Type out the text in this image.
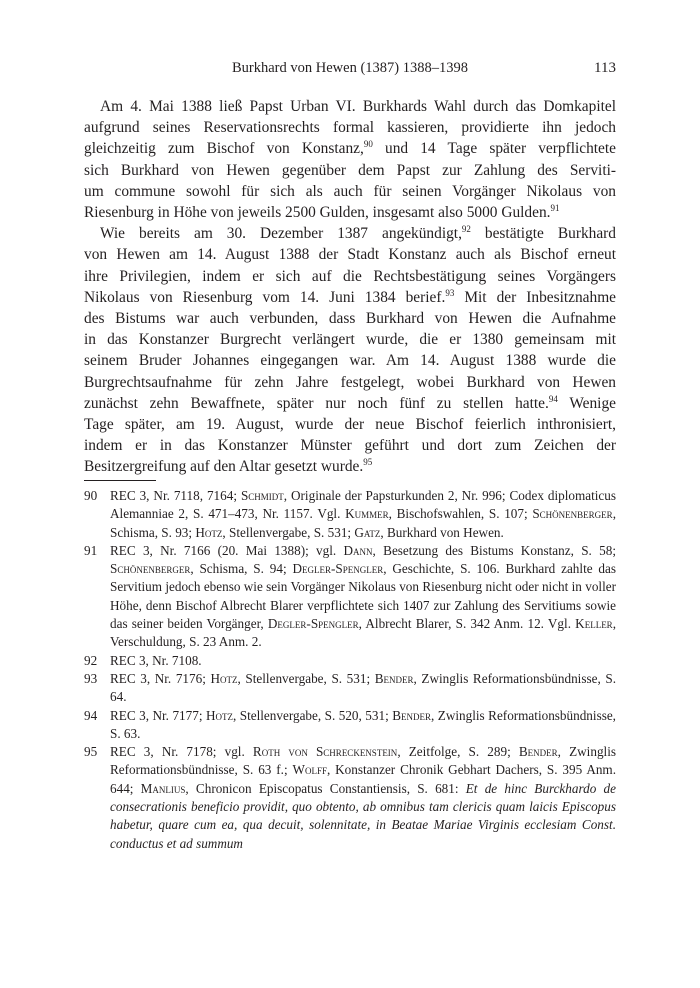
Burkhard von Hewen (1387) 1388–1398	113

Am 4. Mai 1388 ließ Papst Urban VI. Burkhards Wahl durch das Domkapitel
aufgrund seines Reservationsrechts formal kassieren, providierte ihn jedoch
gleichzeitig zum Bischof von Konstanz,$^{90}$ und 14 Tage später verpflichtete
sich Burkhard von Hewen gegenüber dem Papst zur Zahlung des Serviti-
um commune sowohl für sich als auch für seinen Vorgänger Nikolaus von
Riesenburg in Höhe von jeweils 2500 Gulden, insgesamt also 5000 Gulden.$^{91}$

Wie bereits am 30. Dezember 1387 angekündigt,$^{92}$ bestätigte Burkhard
von Hewen am 14. August 1388 der Stadt Konstanz auch als Bischof erneut
ihre Privilegien, indem er sich auf die Rechtsbestätigung seines Vorgängers
Nikolaus von Riesenburg vom 14. Juni 1384 berief.$^{93}$ Mit der Inbesitznahme
des Bistums war auch verbunden, dass Burkhard von Hewen die Aufnahme
in das Konstanzer Burgrecht verlängert wurde, die er 1380 gemeinsam mit
seinem Bruder Johannes eingegangen war. Am 14. August 1388 wurde die
Burgrechtsaufnahme für zehn Jahre festgelegt, wobei Burkhard von Hewen
zunächst zehn Bewaffnete, später nur noch fünf zu stellen hatte.$^{94}$ Wenige
Tage später, am 19. August, wurde der neue Bischof feierlich inthronisiert,
indem er in das Konstanzer Münster geführt und dort zum Zeichen der
Besitzergreifung auf den Altar gesetzt wurde.$^{95}$

90 REC 3, Nr. 7118, 7164; Schmidt, Originale der Papsturkunden 2, Nr. 996; Codex diplomaticus Alemanniae 2, S. 471–473, Nr. 1157. Vgl. Kummer, Bischofswahlen, S. 107; Schönenberger, Schisma, S. 93; Hotz, Stellenvergabe, S. 531; Gatz, Burkhard von Hewen.

91 REC 3, Nr. 7166 (20. Mai 1388); vgl. Dann, Besetzung des Bistums Konstanz, S. 58; Schönenberger, Schisma, S. 94; Degler-Spengler, Geschichte, S. 106. Burkhard zahlte das Servitium jedoch ebenso wie sein Vorgänger Nikolaus von Riesenburg nicht oder nicht in voller Höhe, denn Bischof Albrecht Blarer verpflichtete sich 1407 zur Zahlung des Servitiums sowie das seiner beiden Vorgänger, Degler-Spengler, Albrecht Blarer, S. 342 Anm. 12. Vgl. Keller, Verschuldung, S. 23 Anm. 2.

92 REC 3, Nr. 7108.

93 REC 3, Nr. 7176; Hotz, Stellenvergabe, S. 531; Bender, Zwinglis Reformationsbündnisse, S. 64.

94 REC 3, Nr. 7177; Hotz, Stellenvergabe, S. 520, 531; Bender, Zwinglis Reformationsbündnisse, S. 63.

95 REC 3, Nr. 7178; vgl. Roth von Schreckenstein, Zeitfolge, S. 289; Bender, Zwinglis Reformationsbündnisse, S. 63 f.; Wolff, Konstanzer Chronik Gebhart Dachers, S. 395 Anm. 644; Manlius, Chronicon Episcopatus Constantiensis, S. 681: Et de hinc Burckhardo de consecrationis beneficio providit, quo obtento, ab omnibus tam clericis quam laicis Episcopus habetur, quare cum ea, qua decuit, solennitate, in Beatae Mariae Virginis ecclesiam Const. conductus et ad summum
